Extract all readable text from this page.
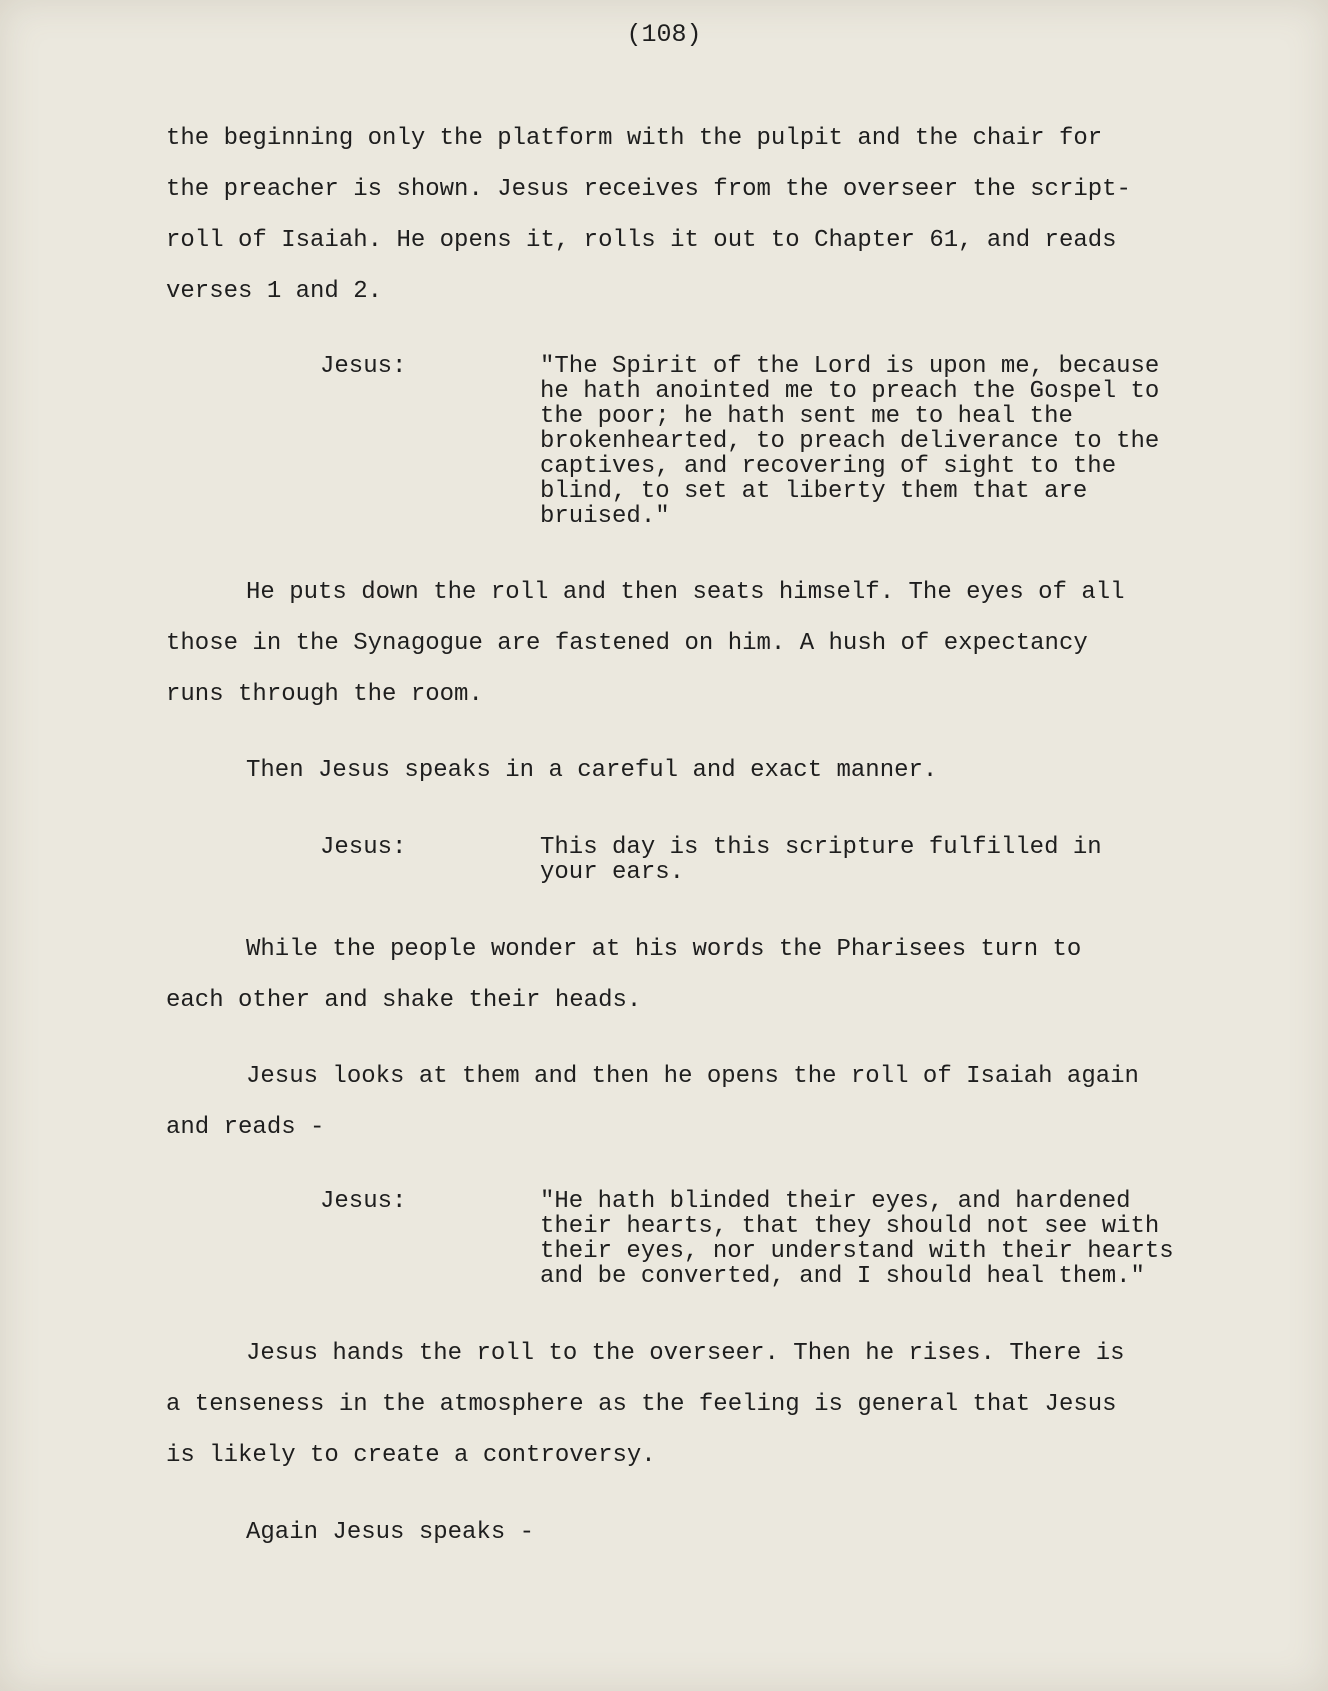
(108)
the beginning only the platform with the pulpit and the chair for
the preacher is shown. Jesus receives from the overseer the script-
roll of Isaiah. He opens it, rolls it out to Chapter 61, and reads
verses 1 and 2.
Jesus:	"The Spirit of the Lord is upon me, because
he hath anointed me to preach the Gospel to
the poor; he hath sent me to heal the
brokenhearted, to preach deliverance to the
captives, and recovering of sight to the
blind, to set at liberty them that are
bruised."
He puts down the roll and then seats himself. The eyes of all
those in the Synagogue are fastened on him. A hush of expectancy
runs through the room.
Then Jesus speaks in a careful and exact manner.
Jesus:	This day is this scripture fulfilled in
your ears.
While the people wonder at his words the Pharisees turn to
each other and shake their heads.
Jesus looks at them and then he opens the roll of Isaiah again
and reads -
Jesus:	"He hath blinded their eyes, and hardened
their hearts, that they should not see with
their eyes, nor understand with their hearts
and be converted, and I should heal them."
Jesus hands the roll to the overseer. Then he rises. There is
a tenseness in the atmosphere as the feeling is general that Jesus
is likely to create a controversy.
Again Jesus speaks -
